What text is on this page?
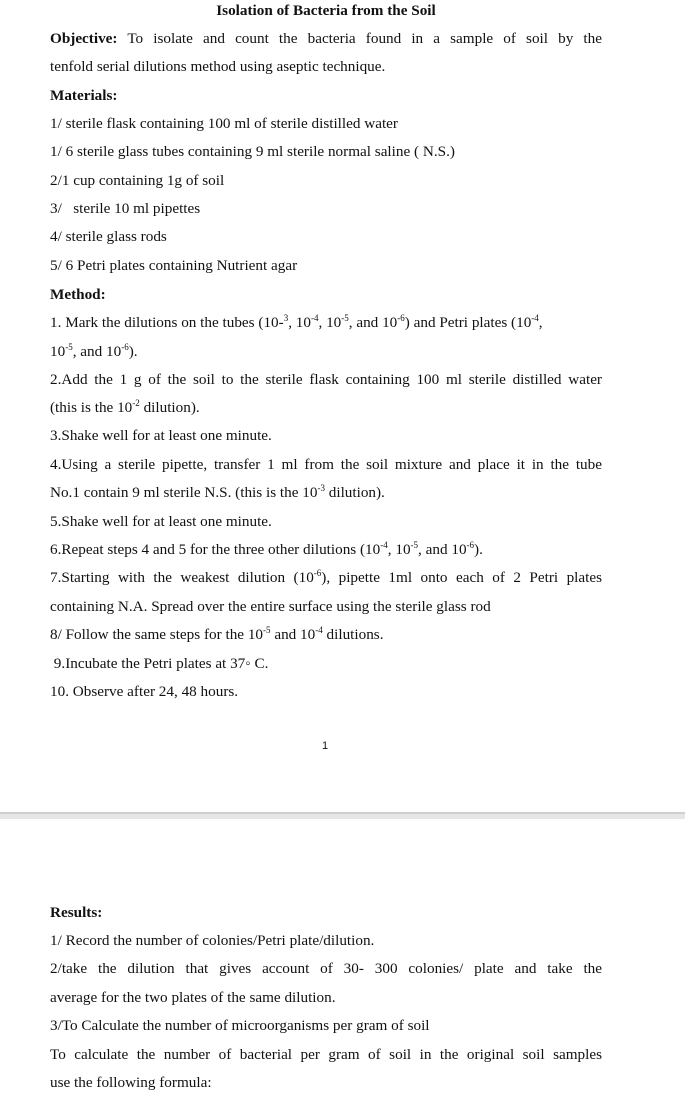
Isolation of Bacteria from the Soil
Objective: To isolate and count the bacteria found in a sample of soil by the
tenfold serial dilutions method using aseptic technique.
Materials:
1/ sterile flask containing 100 ml of sterile distilled water
1/ 6 sterile glass tubes containing 9 ml sterile normal saline ( N.S.)
2/1 cup containing 1g of soil
3/   sterile 10 ml pipettes
4/ sterile glass rods
5/ 6 Petri plates containing Nutrient agar
Method:
1. Mark the dilutions on the tubes (10-$^3$, $10^{-4}$, $10^{-5}$, and $10^{-6}$) and Petri plates ($10^{-4}$,
$10^{-5}$, and $10^{-6}$).
2.Add the 1 g of the soil to the sterile flask containing 100 ml sterile distilled water
(this is the $10^{-2}$ dilution).
3.Shake well for at least one minute.
4.Using a sterile pipette, transfer 1 ml from the soil mixture and place it in the tube
No.1 contain 9 ml sterile N.S. (this is the $10^{-3}$ dilution).
5.Shake well for at least one minute.
6.Repeat steps 4 and 5 for the three other dilutions ($10^{-4}$, $10^{-5}$, and $10^{-6}$).
7.Starting with the weakest dilution $(10^{-6})$, pipette 1ml onto each of 2 Petri plates
containing N.A. Spread over the entire surface using the sterile glass rod
8/ Follow the same steps for the $10^{-5}$ and $10^{-4}$ dilutions.
9.Incubate the Petri plates at 37◦ C.
10. Observe after 24, 48 hours.
1
Results:
1/ Record the number of colonies/Petri plate/dilution.
2/take the dilution that gives account of 30- 300 colonies/ plate and take the
average for the two plates of the same dilution.
3/To Calculate the number of microorganisms per gram of soil
To calculate the number of bacterial per gram of soil in the original soil samples
use the following formula:
